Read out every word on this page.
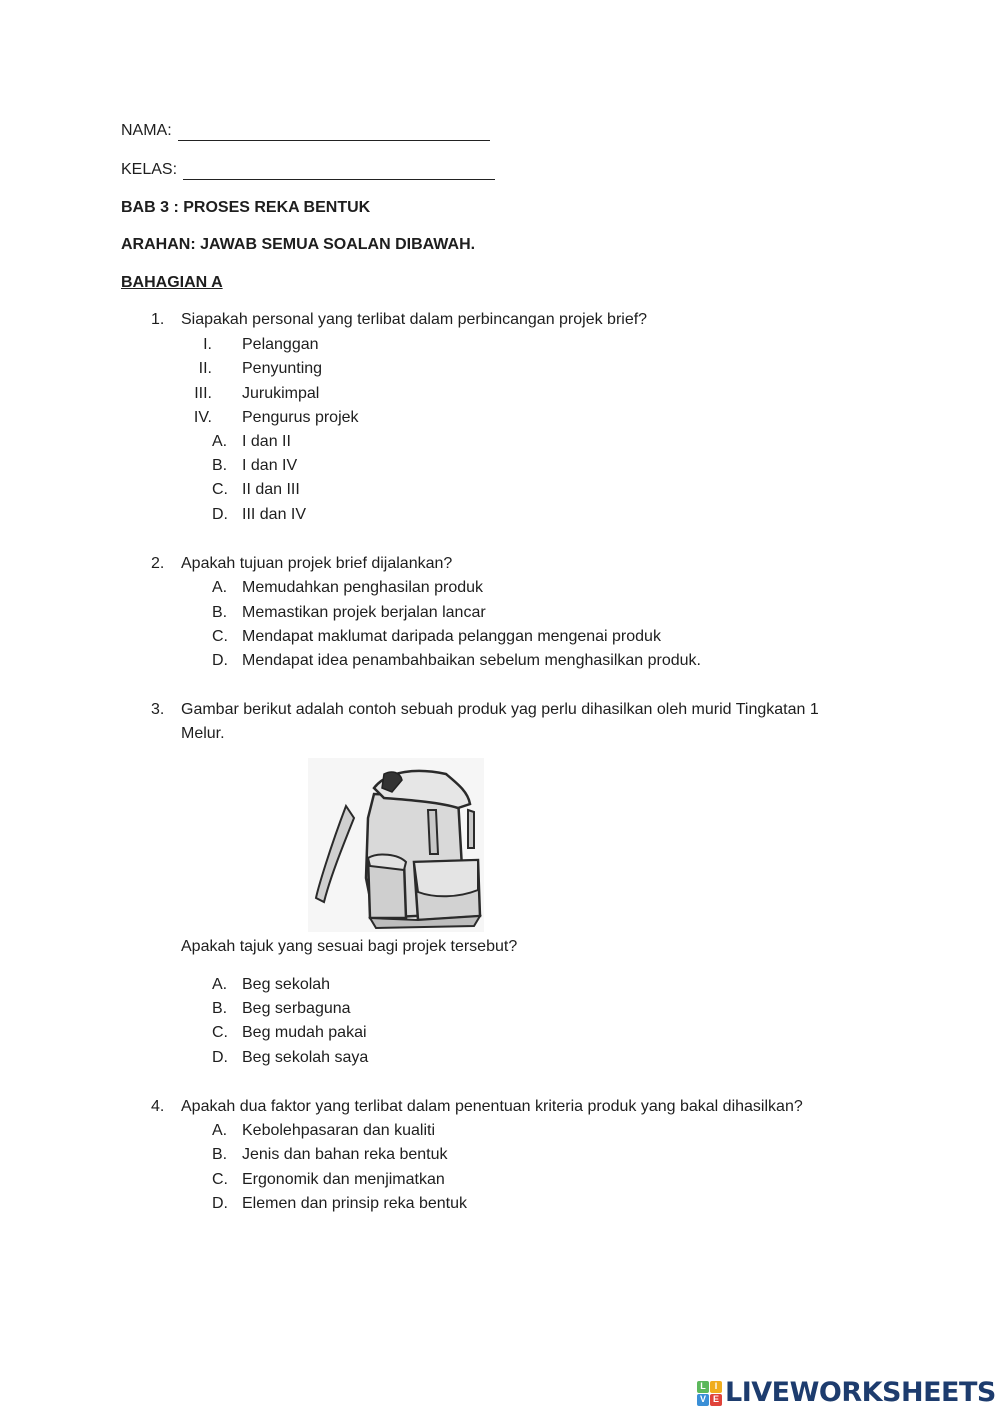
NAMA:
KELAS:
BAB 3 : PROSES REKA BENTUK
ARAHAN: JAWAB SEMUA SOALAN DIBAWAH.
BAHAGIAN A
1. Siapakah personal yang terlibat dalam perbincangan projek brief?
I. Pelanggan
II. Penyunting
III. Jurukimpal
IV. Pengurus projek
A. I dan II
B. I dan IV
C. II dan III
D. III dan IV
2. Apakah tujuan projek brief dijalankan?
A. Memudahkan penghasilan produk
B. Memastikan projek berjalan lancar
C. Mendapat maklumat daripada pelanggan mengenai produk
D. Mendapat idea penambahbaikan sebelum menghasilkan produk.
3. Gambar berikut adalah contoh sebuah produk yag perlu dihasilkan oleh murid Tingkatan 1
Melur.
Apakah tajuk yang sesuai bagi projek tersebut?
A. Beg sekolah
B. Beg serbaguna
C. Beg mudah pakai
D. Beg sekolah saya
4. Apakah dua faktor yang terlibat dalam penentuan kriteria produk yang bakal dihasilkan?
A. Kebolehpasaran dan kualiti
B. Jenis dan bahan reka bentuk
C. Ergonomik dan menjimatkan
D. Elemen dan prinsip reka bentuk
L I
V E LIVEWORKSHEETS
